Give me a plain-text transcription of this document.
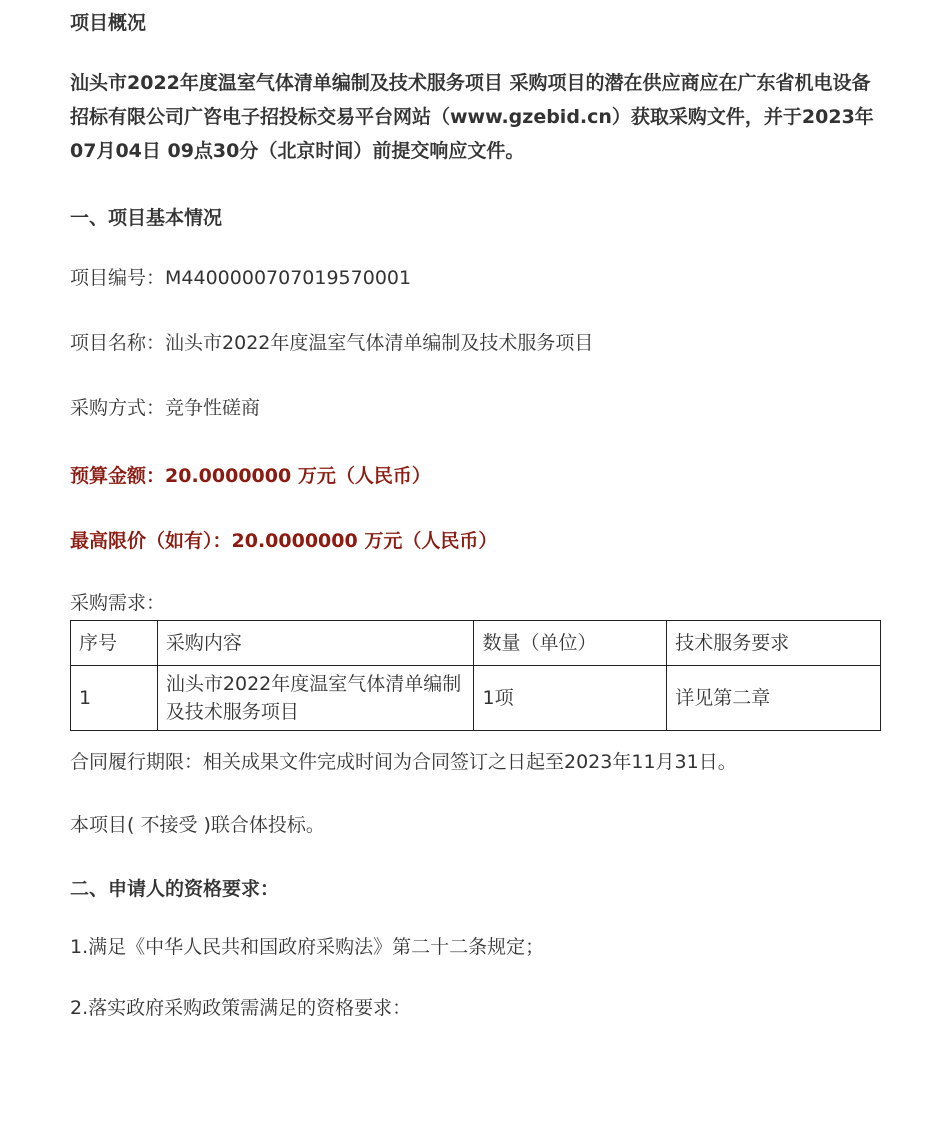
项目概况

汕头市2022年度温室气体清单编制及技术服务项目 采购项目的潜在供应商应在广东省机电设备招标有限公司广咨电子招投标交易平台网站（www.gzebid.cn）获取采购文件，并于2023年07月04日 09点30分（北京时间）前提交响应文件。

一、项目基本情况

项目编号：M4400000707019570001

项目名称：汕头市2022年度温室气体清单编制及技术服务项目

采购方式：竞争性磋商

预算金额：20.0000000 万元（人民币）

最高限价（如有）：20.0000000 万元（人民币）

采购需求：

序号	采购内容	数量（单位）	技术服务要求
1	汕头市2022年度温室气体清单编制及技术服务项目	1项	详见第二章

合同履行期限：相关成果文件完成时间为合同签订之日起至2023年11月31日。

本项目( 不接受 )联合体投标。

二、申请人的资格要求：

1.满足《中华人民共和国政府采购法》第二十二条规定；

2.落实政府采购政策需满足的资格要求：
